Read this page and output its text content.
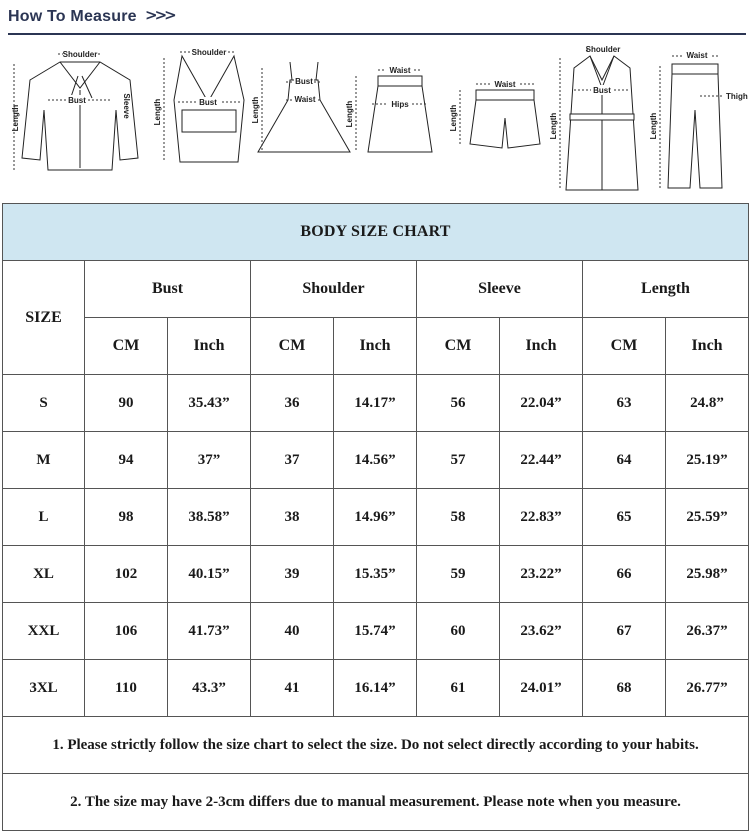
How To Measure >>>
Shoulder
Bust
Length	Sleeve
Shoulder
Bust
Length
Bust
Waist
Length
Waist
Hips
Length
Waist
Length
Shoulder
Bust
Length
Waist
Thigh
Length
BODY SIZE CHART								
SIZE	Bust		Shoulder		Sleeve		Length	
	CM	Inch	CM	Inch	CM	Inch	CM	Inch
S	90	35.43”	36	14.17”	56	22.04”	63	24.8”
M	94	37”	37	14.56”	57	22.44”	64	25.19”
L	98	38.58”	38	14.96”	58	22.83”	65	25.59”
XL	102	40.15”	39	15.35”	59	23.22”	66	25.98”
XXL	106	41.73”	40	15.74”	60	23.62”	67	26.37”
3XL	110	43.3”	41	16.14”	61	24.01”	68	26.77”
1. Please strictly follow the size chart to select the size. Do not select directly according to your habits.								
2. The size may have 2-3cm differs due to manual measurement. Please note when you measure.								
